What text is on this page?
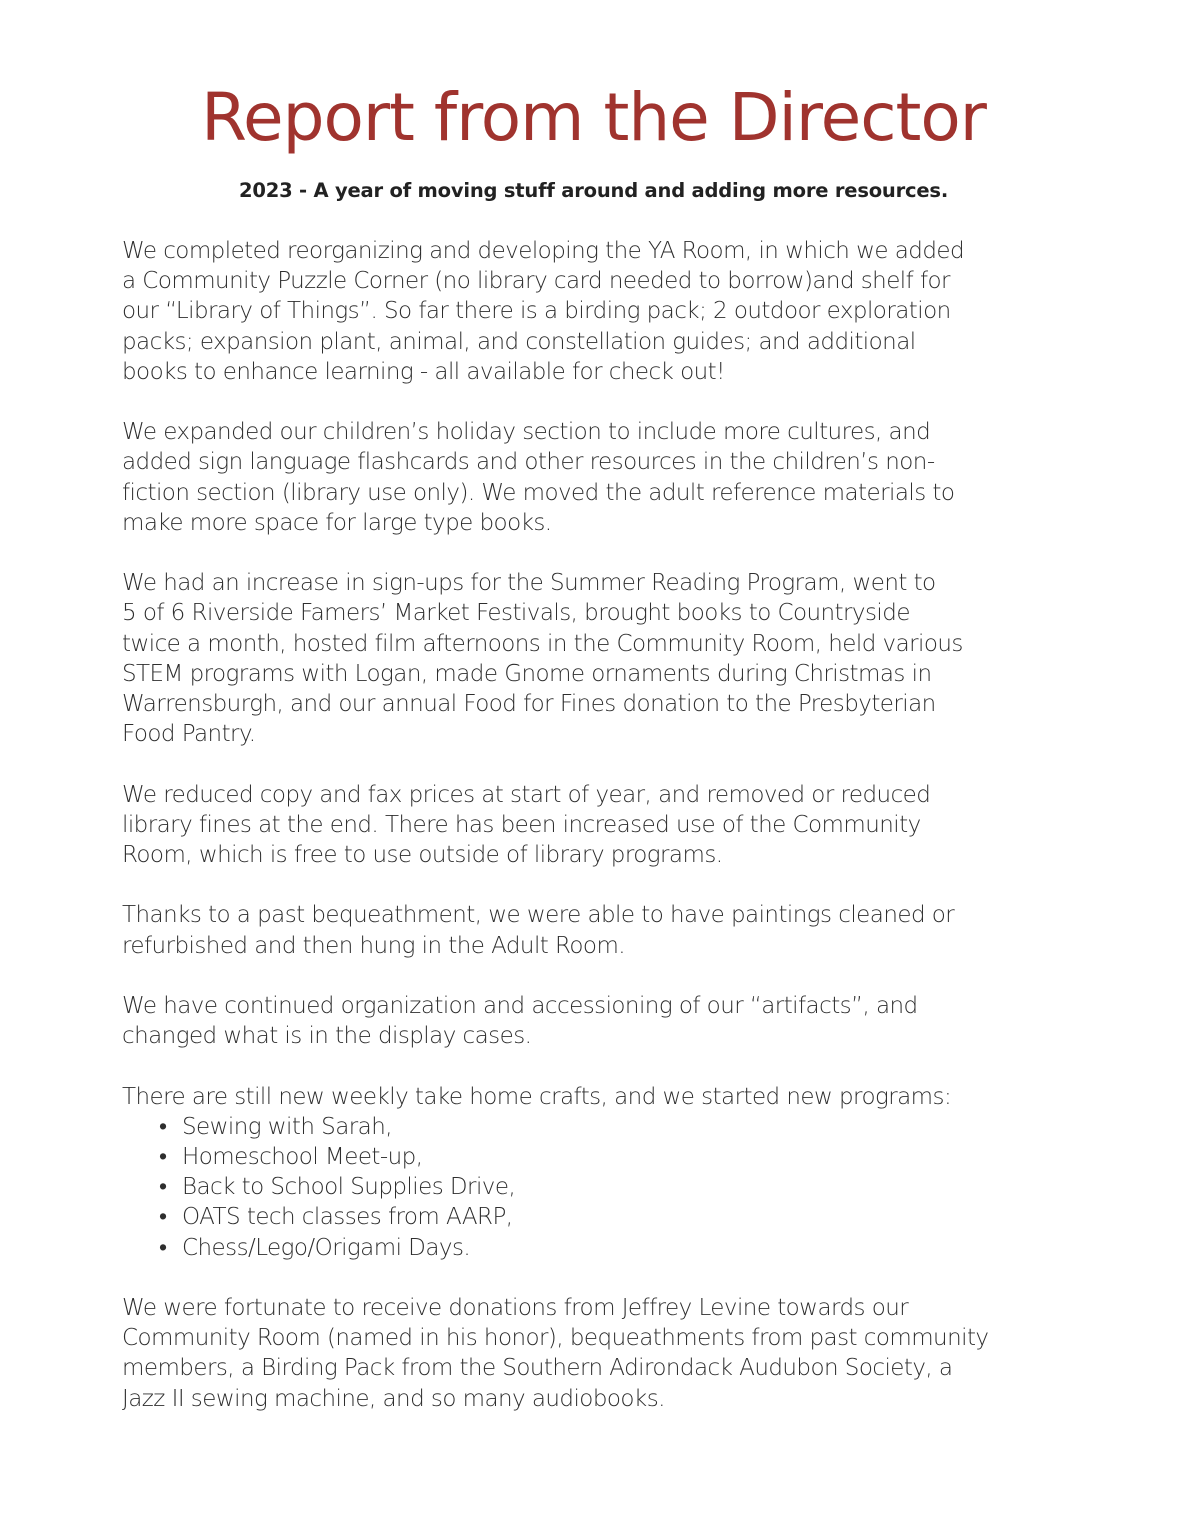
Report from the Director

2023 - A year of moving stuff around and adding more resources.

We completed reorganizing and developing the YA Room, in which we added
a Community Puzzle Corner (no library card needed to borrow)and shelf for
our “Library of Things”. So far there is a birding pack; 2 outdoor exploration
packs; expansion plant, animal, and constellation guides; and additional
books to enhance learning - all available for check out!

We expanded our children’s holiday section to include more cultures, and
added sign language flashcards and other resources in the children’s non-
fiction section (library use only). We moved the adult reference materials to
make more space for large type books.

We had an increase in sign-ups for the Summer Reading Program, went to
5 of 6 Riverside Famers’ Market Festivals, brought books to Countryside
twice a month, hosted film afternoons in the Community Room, held various
STEM programs with Logan, made Gnome ornaments during Christmas in
Warrensburgh, and our annual Food for Fines donation to the Presbyterian
Food Pantry.

We reduced copy and fax prices at start of year, and removed or reduced
library fines at the end. There has been increased use of the Community
Room, which is free to use outside of library programs.

Thanks to a past bequeathment, we were able to have paintings cleaned or
refurbished and then hung in the Adult Room.

We have continued organization and accessioning of our “artifacts”, and
changed what is in the display cases.

There are still new weekly take home crafts, and we started new programs:

• Sewing with Sarah,
• Homeschool Meet-up,
• Back to School Supplies Drive,
• OATS tech classes from AARP,
• Chess/Lego/Origami Days.

We were fortunate to receive donations from Jeffrey Levine towards our
Community Room (named in his honor), bequeathments from past community
members, a Birding Pack from the Southern Adirondack Audubon Society, a
Jazz II sewing machine, and so many audiobooks.
